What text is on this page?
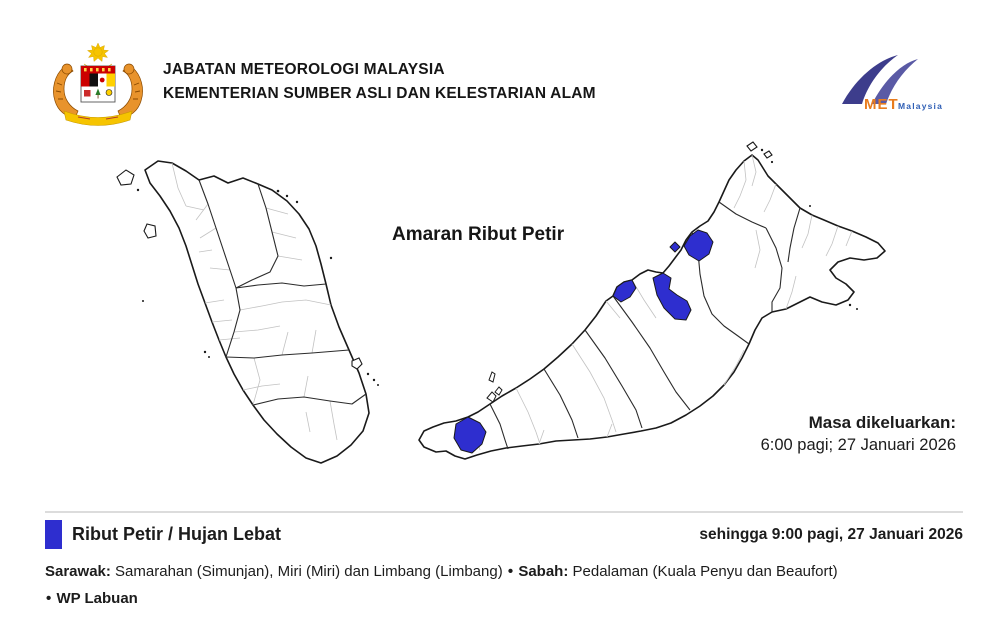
JABATAN METEOROLOGI MALAYSIA
KEMENTERIAN SUMBER ASLI DAN KELESTARIAN ALAM
MET Malaysia
Amaran Ribut Petir
Masa dikeluarkan:
6:00 pagi; 27 Januari 2026
Ribut Petir / Hujan Lebat	sehingga 9:00 pagi, 27 Januari 2026
Sarawak: Samarahan (Simunjan), Miri (Miri) dan Limbang (Limbang) • Sabah: Pedalaman (Kuala Penyu dan Beaufort)
• WP Labuan
